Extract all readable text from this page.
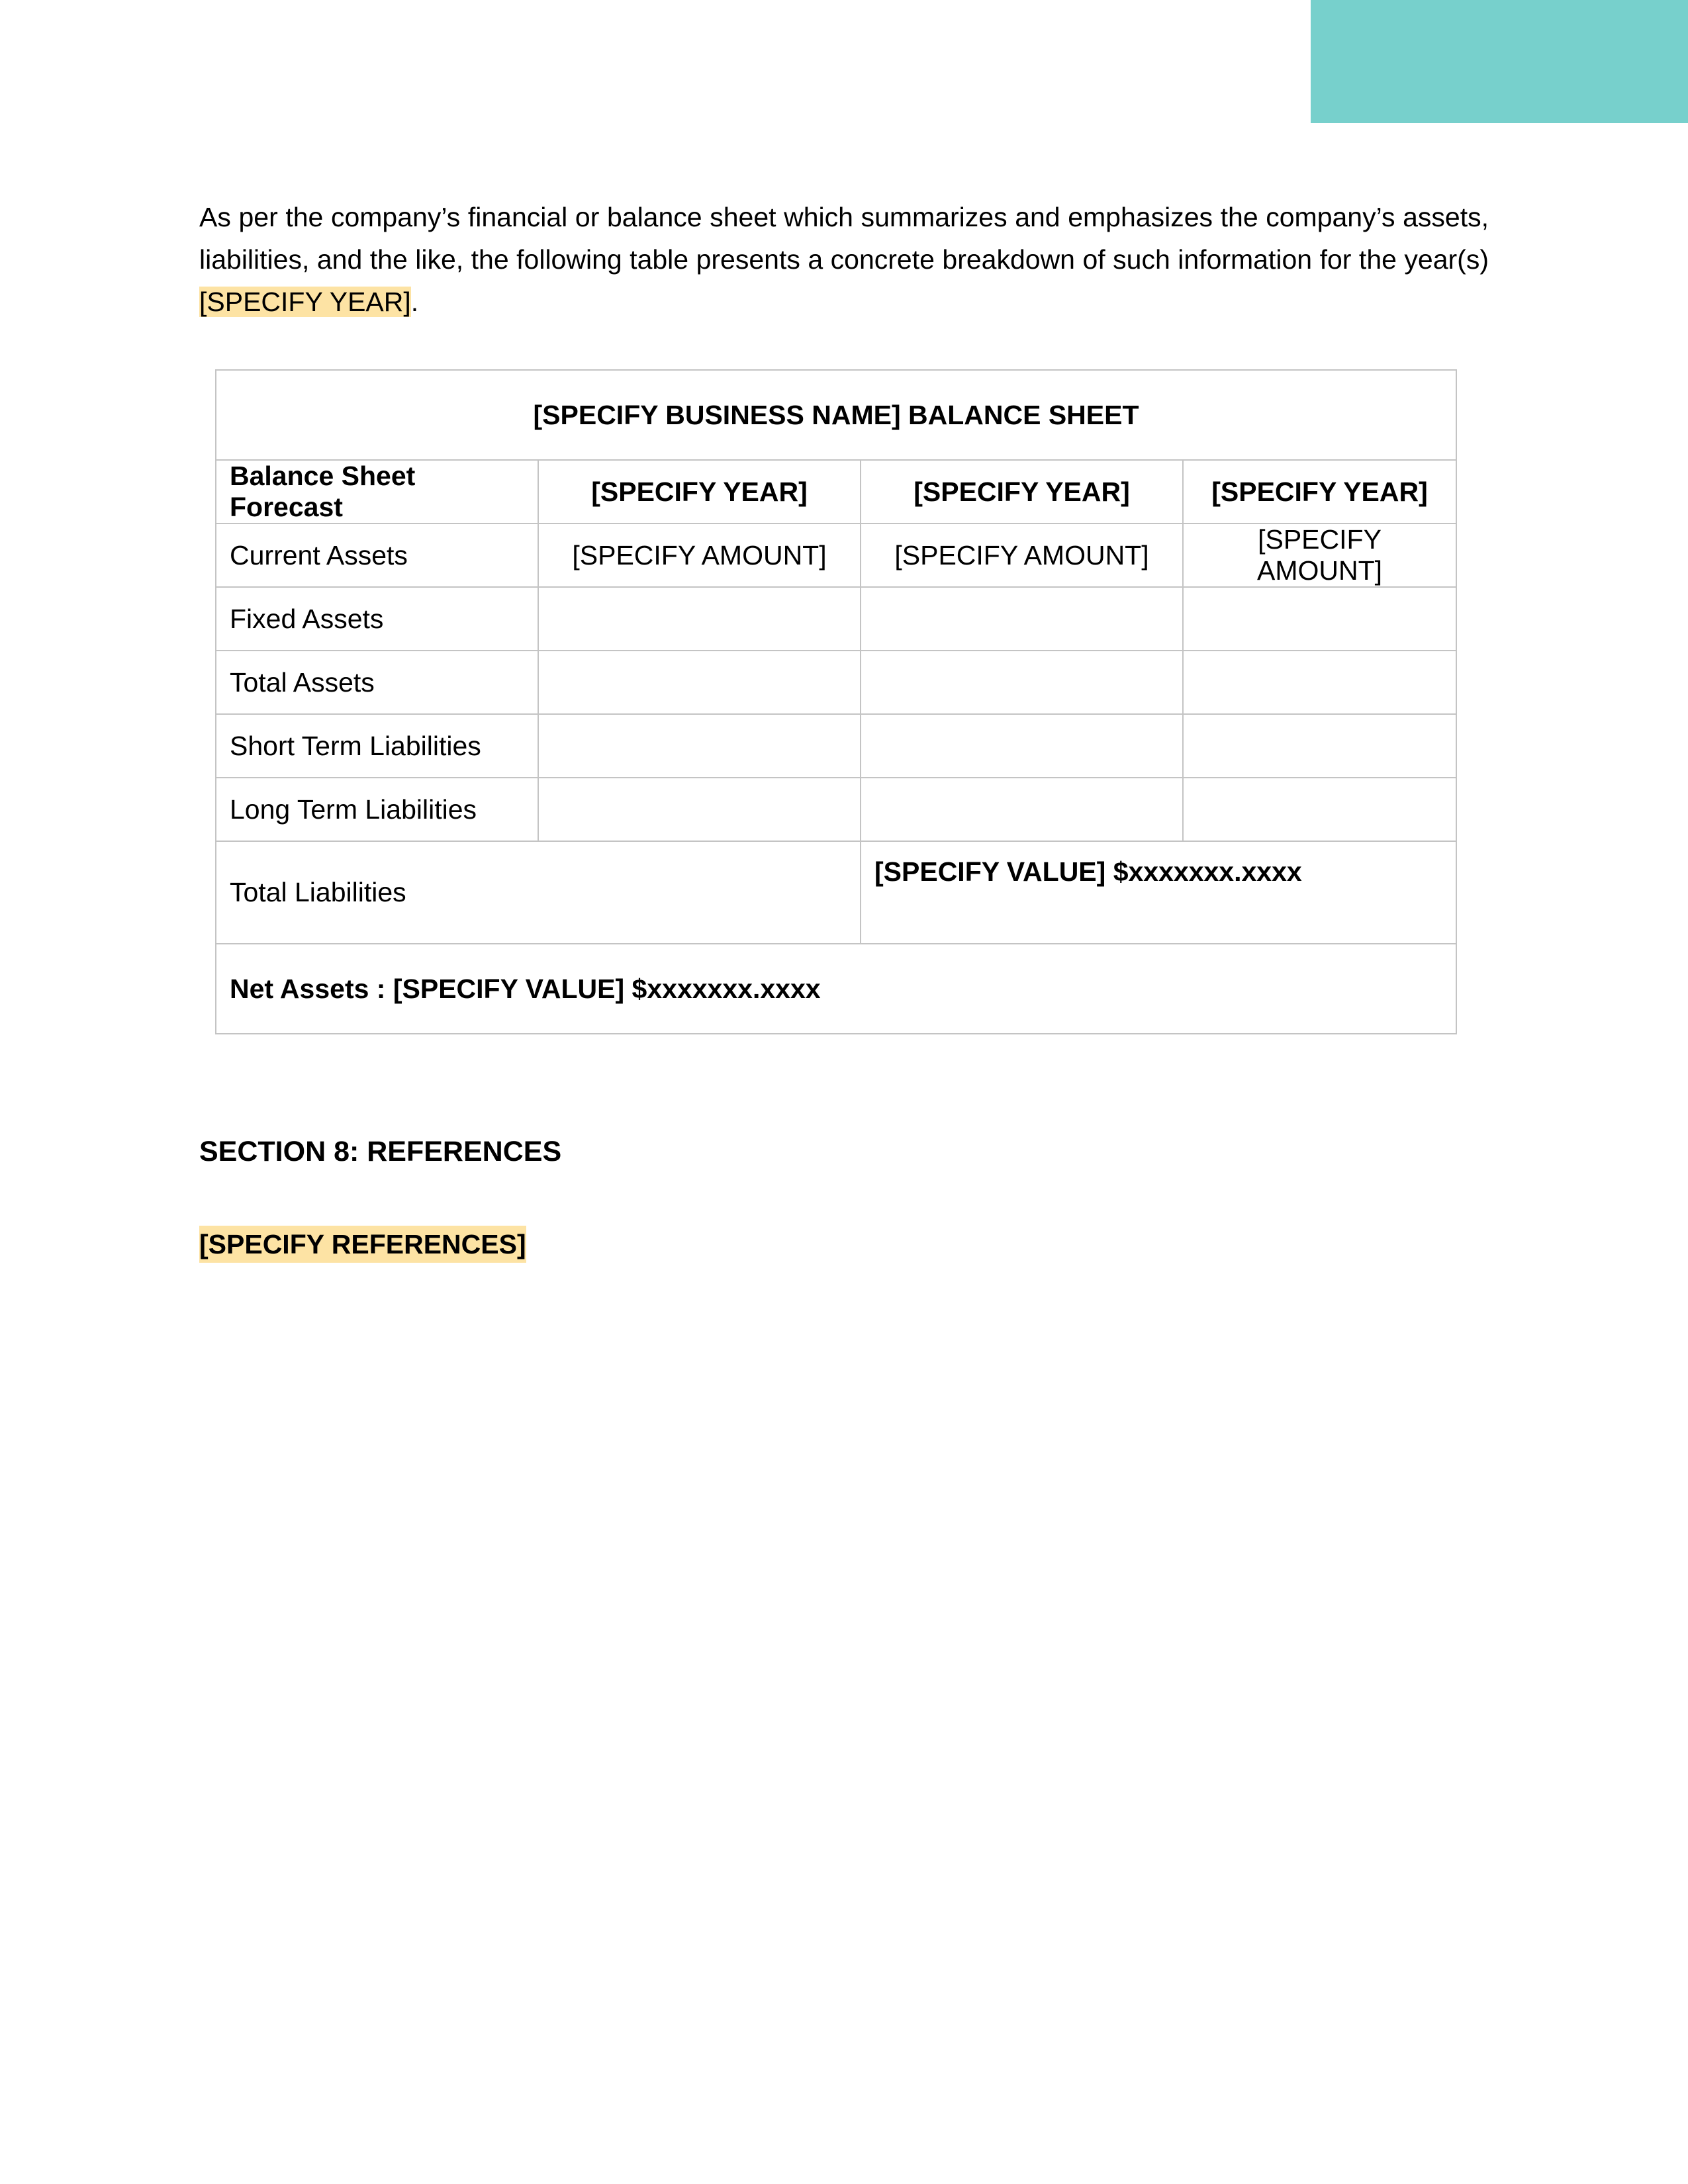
As per the company’s financial or balance sheet which summarizes and emphasizes the company’s assets, liabilities, and the like, the following table presents a concrete breakdown of such information for the year(s) [SPECIFY YEAR].

[SPECIFY BUSINESS NAME] BALANCE SHEET			
Balance Sheet Forecast	[SPECIFY YEAR]	[SPECIFY YEAR]	[SPECIFY YEAR]
Current Assets	[SPECIFY AMOUNT]	[SPECIFY AMOUNT]	[SPECIFY AMOUNT]
Fixed Assets			
Total Assets			
Short Term Liabilities			
Long Term Liabilities			
Total Liabilities		[SPECIFY VALUE] $xxxxxxx.xxxx	
Net Assets : [SPECIFY VALUE] $xxxxxxx.xxxx			
SECTION 8: REFERENCES
[SPECIFY REFERENCES]
